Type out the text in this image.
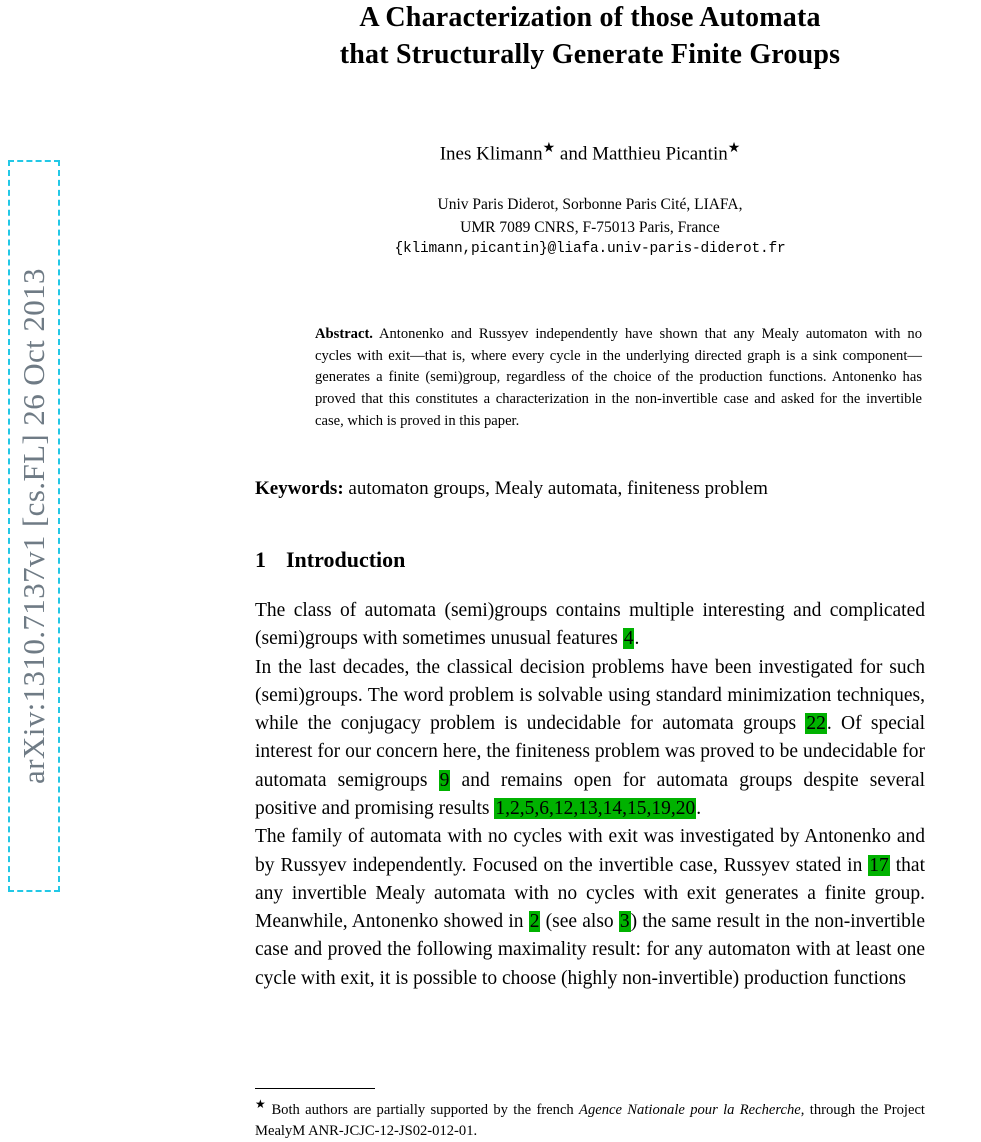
arXiv:1310.7137v1 [cs.FL] 26 Oct 2013
A Characterization of those Automata
that Structurally Generate Finite Groups
Ines Klimann★ and Matthieu Picantin★
Univ Paris Diderot, Sorbonne Paris Cité, LIAFA,
UMR 7089 CNRS, F-75013 Paris, France
{klimann,picantin}@liafa.univ-paris-diderot.fr
Abstract. Antonenko and Russyev independently have shown that any Mealy automaton with no cycles with exit—that is, where every cycle in the underlying directed graph is a sink component—generates a finite (semi)group, regardless of the choice of the production functions. Antonenko has proved that this constitutes a characterization in the non-invertible case and asked for the invertible case, which is proved in this paper.
Keywords: automaton groups, Mealy automata, finiteness problem
1 Introduction

The class of automata (semi)groups contains multiple interesting and complicated (semi)groups with sometimes unusual features 4.

In the last decades, the classical decision problems have been investigated for such (semi)groups. The word problem is solvable using standard minimization techniques, while the conjugacy problem is undecidable for automata groups 22. Of special interest for our concern here, the finiteness problem was proved to be undecidable for automata semigroups 9 and remains open for automata groups despite several positive and promising results 1,2,5,6,12,13,14,15,19,20.

The family of automata with no cycles with exit was investigated by Antonenko and by Russyev independently. Focused on the invertible case, Russyev stated in 17 that any invertible Mealy automata with no cycles with exit generates a finite group. Meanwhile, Antonenko showed in 2 (see also 3) the same result in the non-invertible case and proved the following maximality result: for any automaton with at least one cycle with exit, it is possible to choose (highly non-invertible) production functions

★ Both authors are partially supported by the french Agence Nationale pour la Recherche, through the Project MealyM ANR-JCJC-12-JS02-012-01.
